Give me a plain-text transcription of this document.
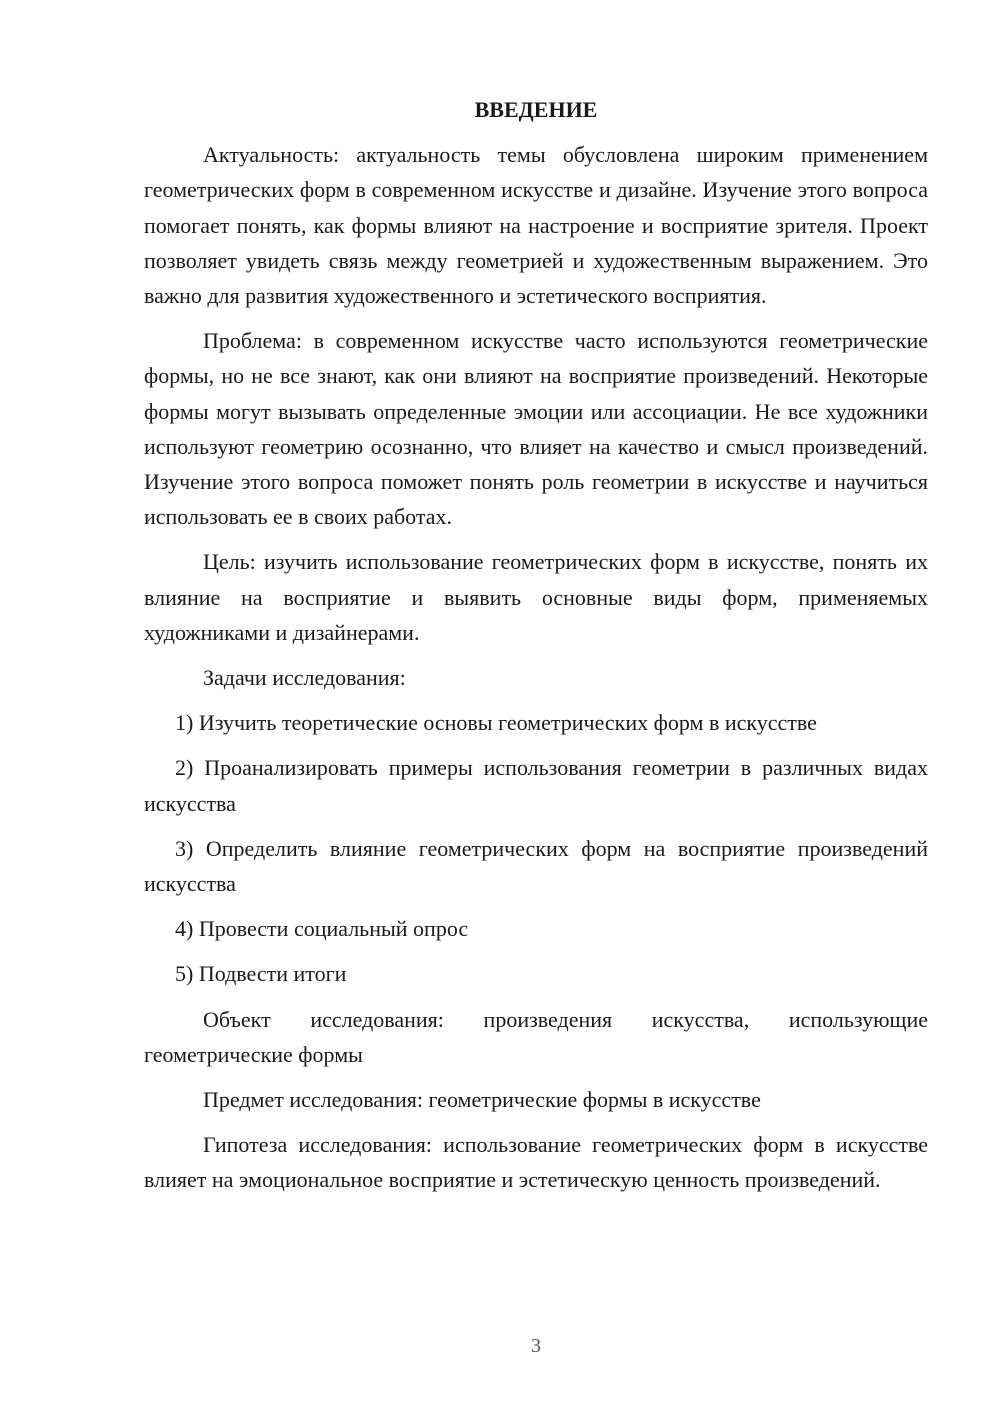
ВВЕДЕНИЕ

Актуальность: актуальность темы обусловлена широким применением геометрических форм в современном искусстве и дизайне. Изучение этого вопроса помогает понять, как формы влияют на настроение и восприятие зрителя. Проект позволяет увидеть связь между геометрией и художественным выражением. Это важно для развития художественного и эстетического восприятия.

Проблема: в современном искусстве часто используются геометрические формы, но не все знают, как они влияют на восприятие произведений. Некоторые формы могут вызывать определенные эмоции или ассоциации. Не все художники используют геометрию осознанно, что влияет на качество и смысл произведений. Изучение этого вопроса поможет понять роль геометрии в искусстве и научиться использовать ее в своих работах.

Цель: изучить использование геометрических форм в искусстве, понять их влияние на восприятие и выявить основные виды форм, применяемых художниками и дизайнерами.

Задачи исследования:

1) Изучить теоретические основы геометрических форм в искусстве

2) Проанализировать примеры использования геометрии в различных видах искусства

3) Определить влияние геометрических форм на восприятие произведений искусства

4) Провести социальный опрос

5) Подвести итоги

Объект исследования: произведения искусства, использующие геометрические формы

Предмет исследования: геометрические формы в искусстве

Гипотеза исследования: использование геометрических форм в искусстве влияет на эмоциональное восприятие и эстетическую ценность произведений.

3
